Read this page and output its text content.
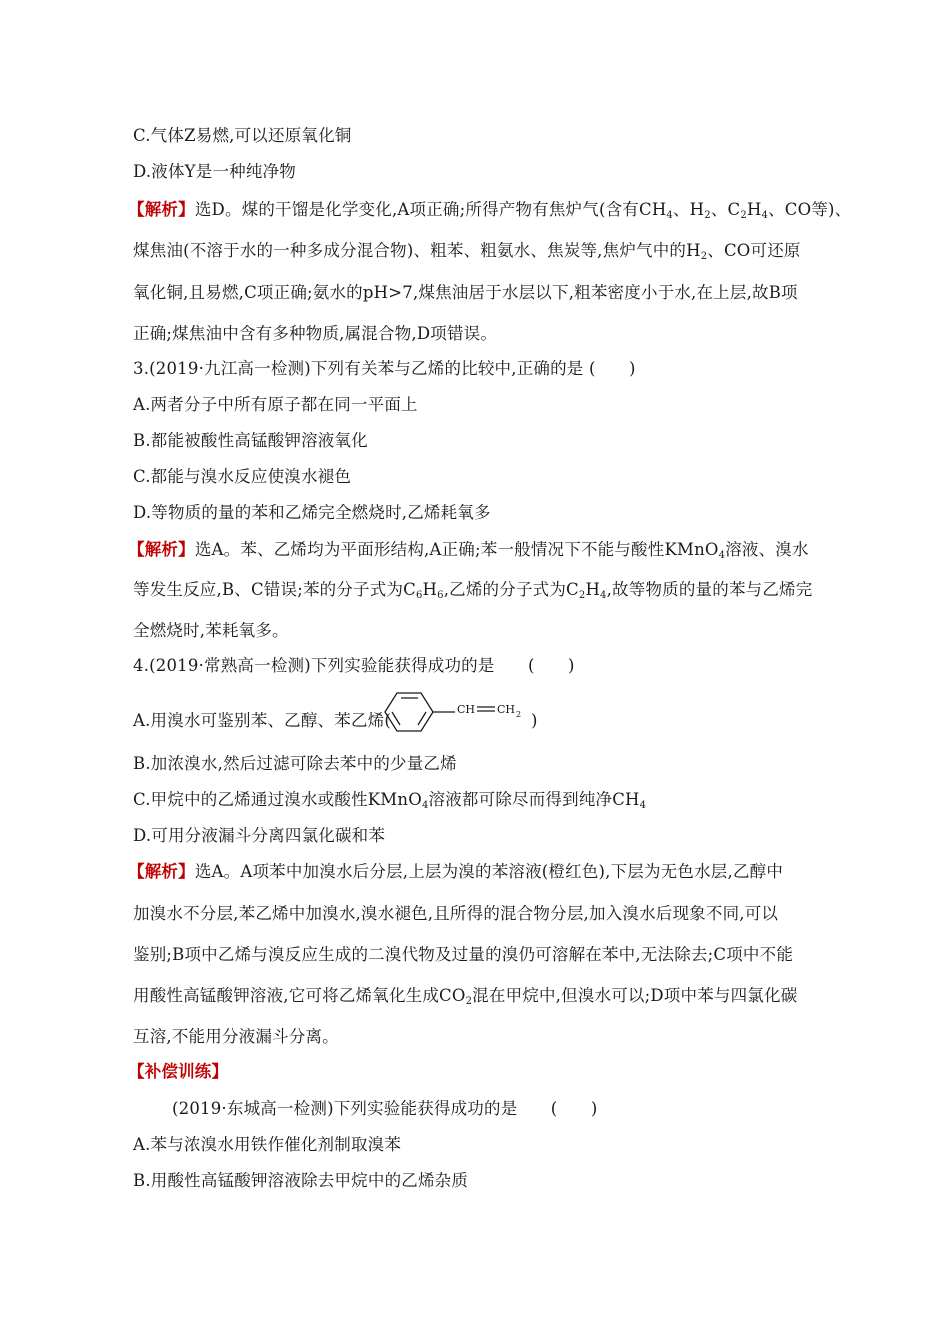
C.气体Z易燃,可以还原氧化铜
D.液体Y是一种纯净物
【解析】选D。煤的干馏是化学变化,A项正确;所得产物有焦炉气(含有$CH_4$、$H_2$、$C_2H_4$、CO等)、
煤焦油(不溶于水的一种多成分混合物)、粗苯、粗氨水、焦炭等,焦炉气中的$H_2$、CO可还原
氧化铜,且易燃,C项正确;氨水的pH>7,煤焦油居于水层以下,粗苯密度小于水,在上层,故B项
正确;煤焦油中含有多种物质,属混合物,D项错误。
3.(2019·九江高一检测)下列有关苯与乙烯的比较中,正确的是 (　　)
A.两者分子中所有原子都在同一平面上
B.都能被酸性高锰酸钾溶液氧化
C.都能与溴水反应使溴水褪色
D.等物质的量的苯和乙烯完全燃烧时,乙烯耗氧多
【解析】选A。苯、乙烯均为平面形结构,A正确;苯一般情况下不能与酸性KMnO$_4$溶液、溴水
等发生反应,B、C错误;苯的分子式为$C_6H_6$,乙烯的分子式为$C_2H_4$,故等物质的量的苯与乙烯完
全燃烧时,苯耗氧多。
4.(2019·常熟高一检测)下列实验能获得成功的是　　(　　)
A.用溴水可鉴别苯、乙醇、苯乙烯(	)
CH CH 2
B.加浓溴水,然后过滤可除去苯中的少量乙烯
C.甲烷中的乙烯通过溴水或酸性KMnO$_4$溶液都可除尽而得到纯净$CH_4$
D.可用分液漏斗分离四氯化碳和苯
【解析】选A。A项苯中加溴水后分层,上层为溴的苯溶液(橙红色),下层为无色水层,乙醇中
加溴水不分层,苯乙烯中加溴水,溴水褪色,且所得的混合物分层,加入溴水后现象不同,可以
鉴别;B项中乙烯与溴反应生成的二溴代物及过量的溴仍可溶解在苯中,无法除去;C项中不能
用酸性高锰酸钾溶液,它可将乙烯氧化生成$CO_2$混在甲烷中,但溴水可以;D项中苯与四氯化碳
互溶,不能用分液漏斗分离。
【补偿训练】
(2019·东城高一检测)下列实验能获得成功的是　　(　　)
A.苯与浓溴水用铁作催化剂制取溴苯
B.用酸性高锰酸钾溶液除去甲烷中的乙烯杂质
